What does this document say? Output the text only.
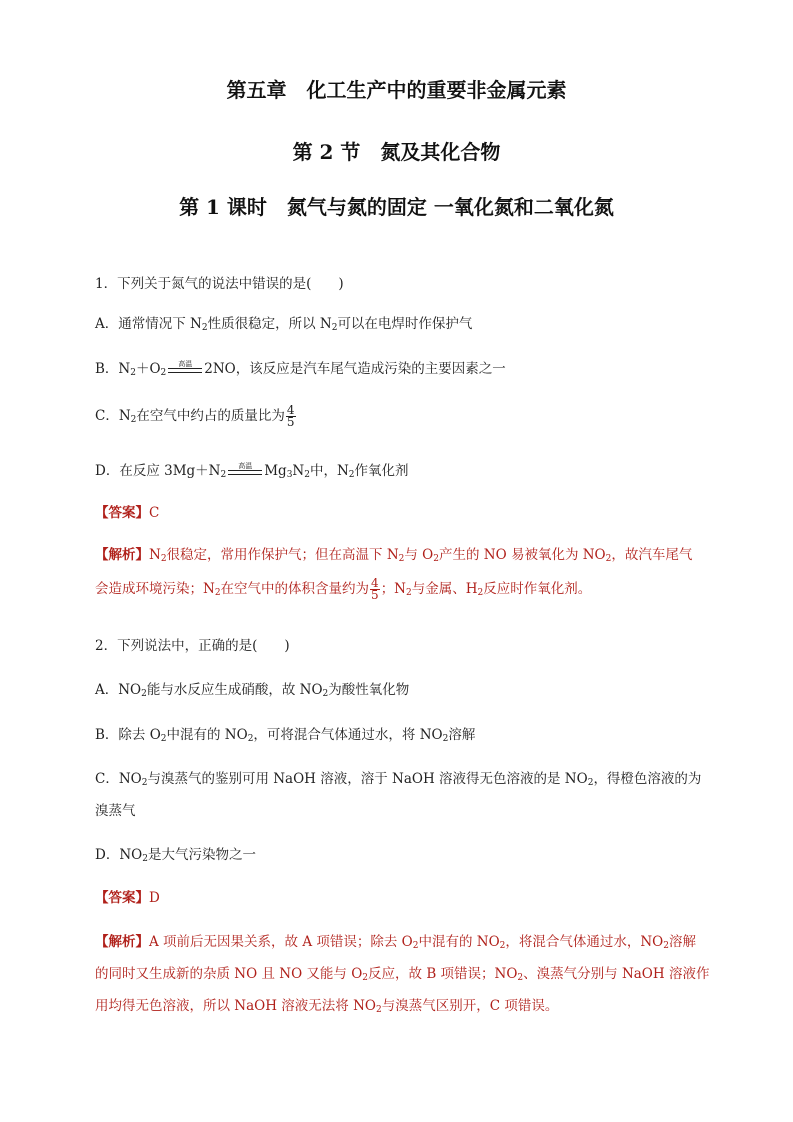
第五章　化工生产中的重要非金属元素
第 2 节　氮及其化合物
第 1 课时　氮气与氮的固定 一氧化氮和二氧化氮
1．下列关于氮气的说法中错误的是(　　)
A．通常情况下 $N_2$性质很稳定，所以 $N_2$可以在电焊时作保护气
B．$N_2+O_2$
高温 2NO，该反应是汽车尾气造成污染的主要因素之一
C．$N_2$在空气中约占的质量比为 $\frac{4}{5}$
D．在反应 $3Mg+N_2$
高温 $Mg_3N_2$中，$N_2$作氧化剂
【答案】C
【解析】$N_2$很稳定，常用作保护气；但在高温下 $N_2$与 $O_2$产生的 NO 易被氧化为 $NO_2$，故汽车尾气
会造成环境污染；$N_2$在空气中的体积含量约为 $\frac{4}{5}$ ；$N_2$与金属、$H_2$反应时作氧化剂。
2．下列说法中，正确的是(　　)
A．$NO_2$能与水反应生成硝酸，故 $NO_2$为酸性氧化物
B．除去 $O_2$中混有的 $NO_2$，可将混合气体通过水，将 $NO_2$溶解
C．$NO_2$与溴蒸气的鉴别可用 NaOH 溶液，溶于 NaOH 溶液得无色溶液的是 $NO_2$，得橙色溶液的为
溴蒸气
D．$NO_2$是大气污染物之一
【答案】D
【解析】A 项前后无因果关系，故 A 项错误；除去 $O_2$中混有的 $NO_2$，将混合气体通过水，$NO_2$溶解
的同时又生成新的杂质 NO 且 NO 又能与 $O_2$反应，故 B 项错误；$NO_2$、溴蒸气分别与 NaOH 溶液作
用均得无色溶液，所以 NaOH 溶液无法将 $NO_2$与溴蒸气区别开，C 项错误。
